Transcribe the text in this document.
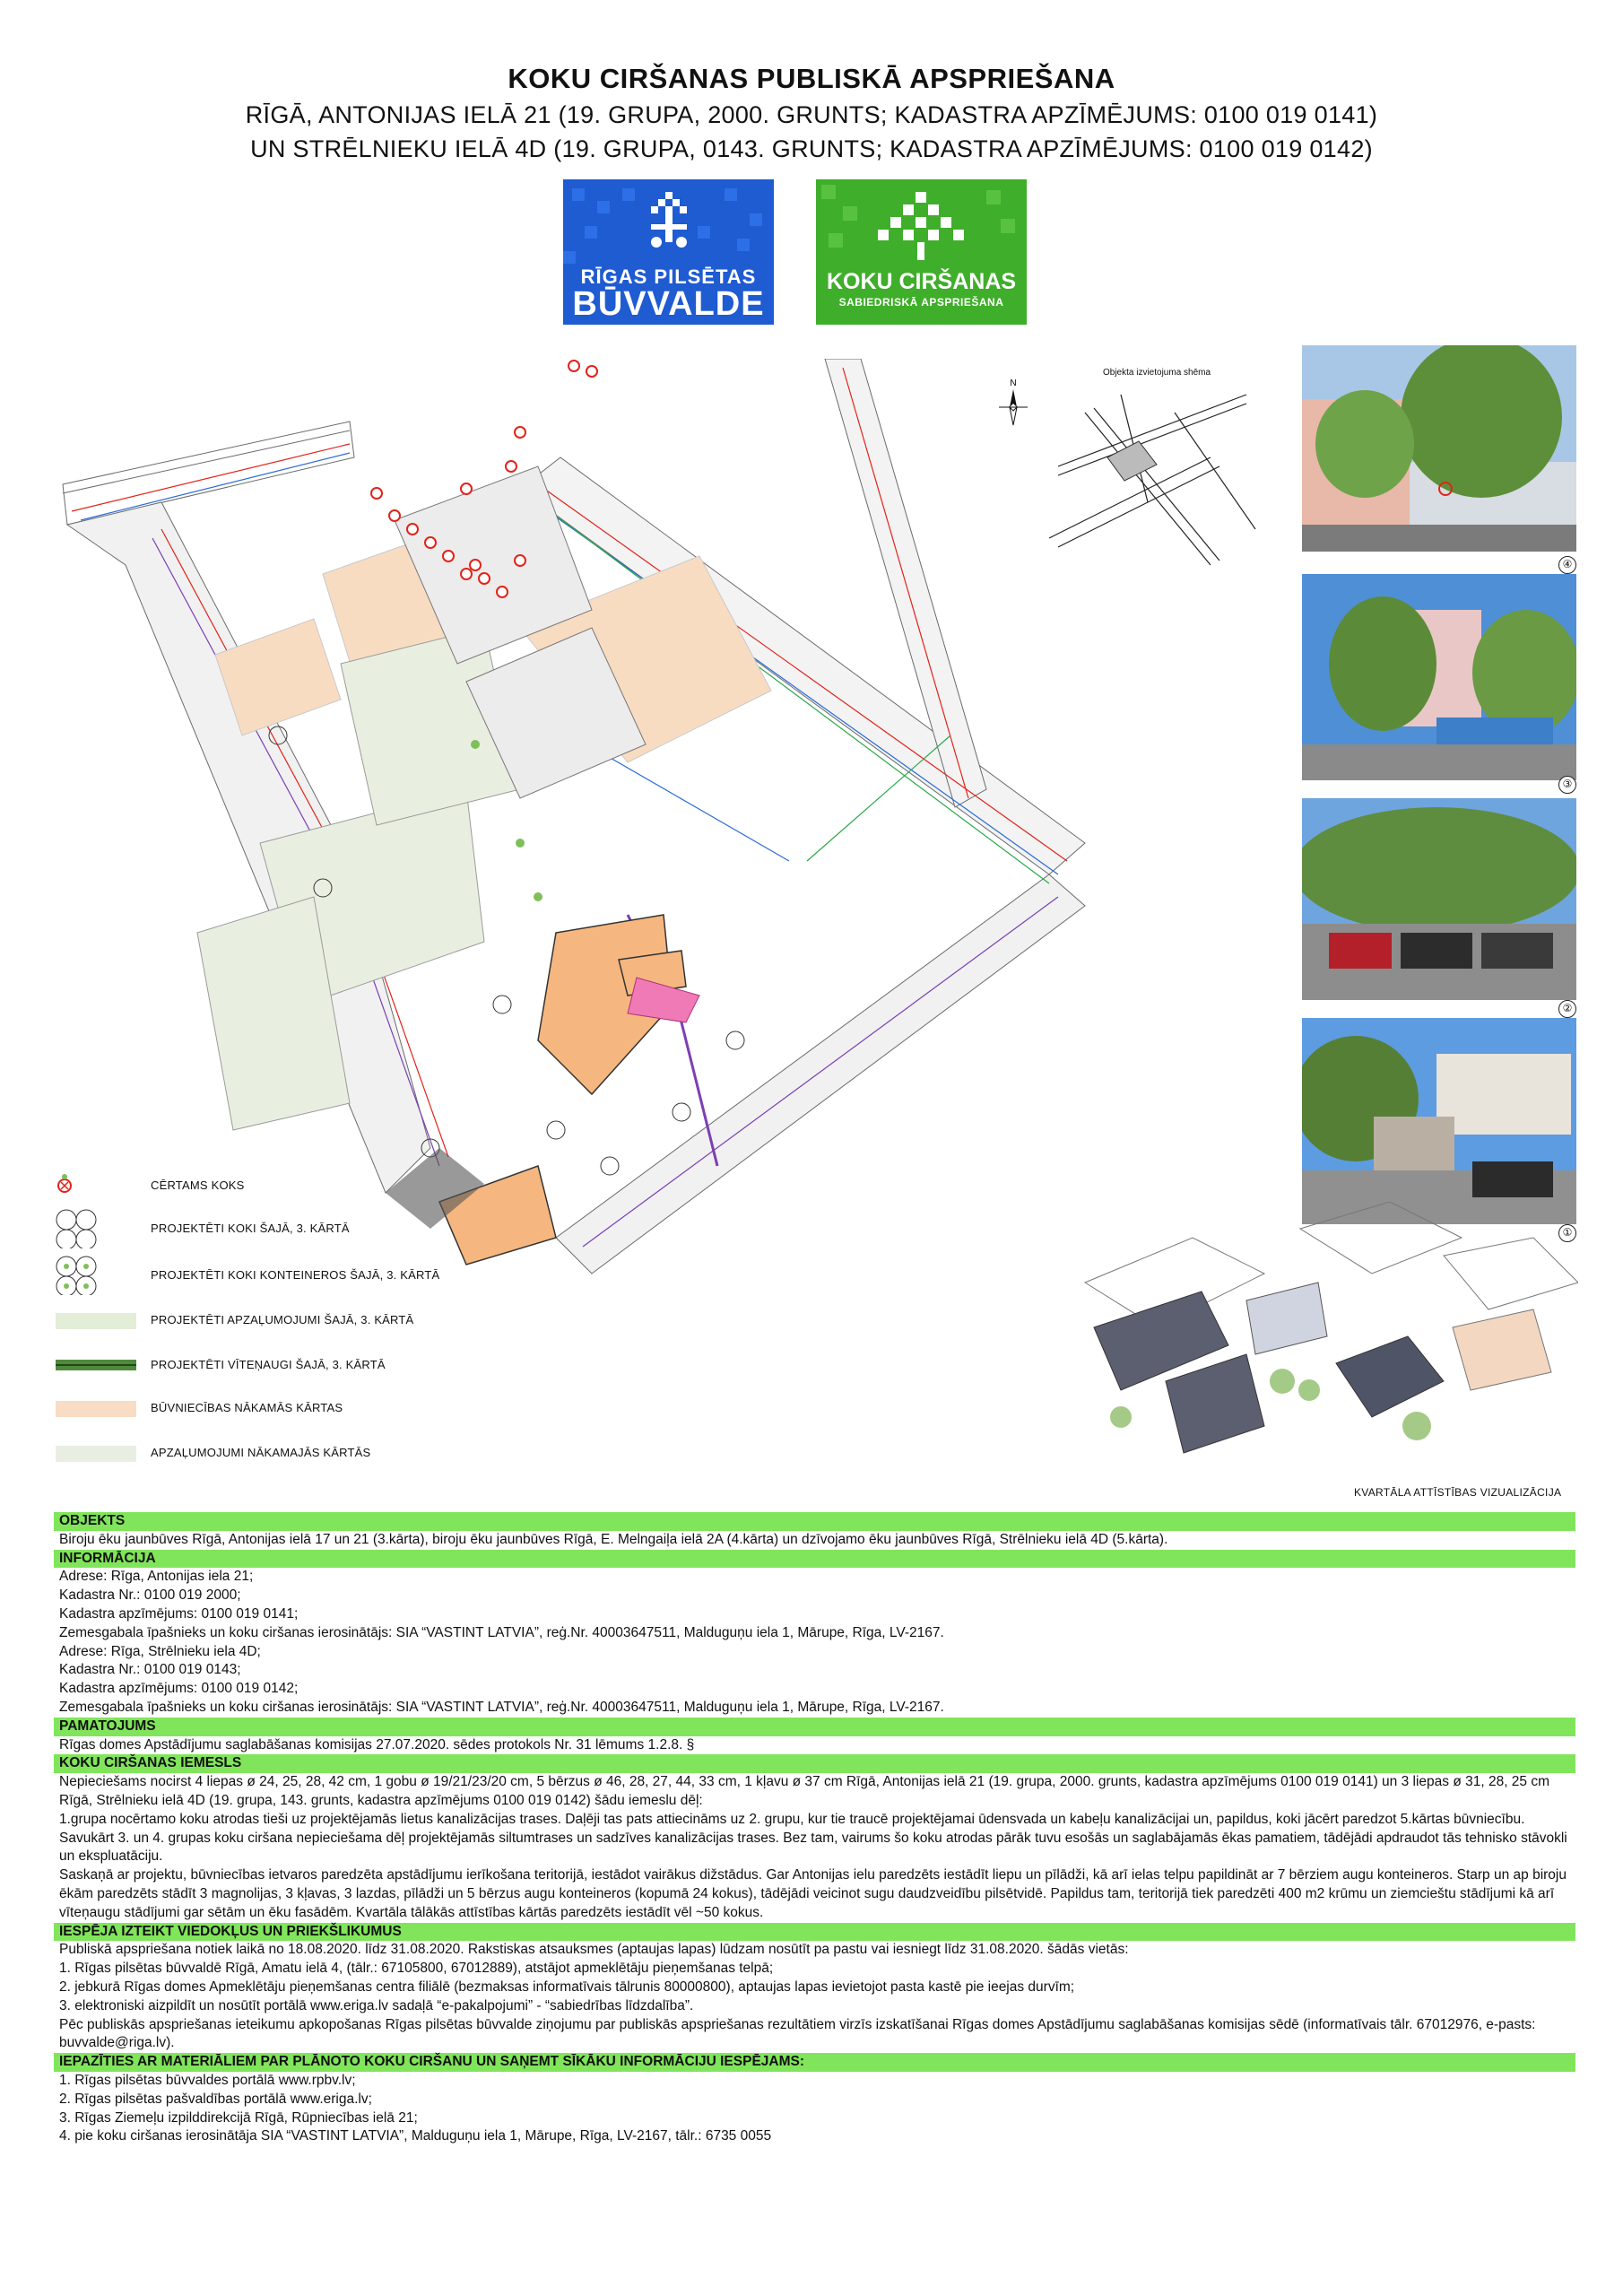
KOKU CIRŠANAS PUBLISKĀ APSPRIEŠANA
RĪGĀ, ANTONIJAS IELĀ 21 (19. GRUPA, 2000. GRUNTS; KADASTRA APZĪMĒJUMS: 0100 019 0141)
UN STRĒLNIEKU IELĀ 4D (19. GRUPA, 0143. GRUNTS; KADASTRA APZĪMĒJUMS: 0100 019 0142)
RĪGAS PILSĒTAS
BŪVVALDE
KOKU CIRŠANAS
SABIEDRISKĀ APSPRIEŠANA
N
Objekta izvietojuma shēma
④
③
②
①
KVARTĀLA ATTĪSTĪBAS VIZUALIZĀCIJA
CĒRTAMS KOKS
PROJEKTĒTI KOKI ŠAJĀ, 3. KĀRTĀ
PROJEKTĒTI KOKI KONTEINEROS ŠAJĀ, 3. KĀRTĀ
PROJEKTĒTI APZAĻUMOJUMI ŠAJĀ, 3. KĀRTĀ
PROJEKTĒTI VĪTEŅAUGI ŠAJĀ, 3. KĀRTĀ
BŪVNIECĪBAS NĀKAMĀS KĀRTAS
APZAĻUMOJUMI NĀKAMAJĀS KĀRTĀS
OBJEKTS

Biroju ēku jaunbūves Rīgā, Antonijas ielā 17 un 21 (3.kārta), biroju ēku jaunbūves Rīgā, E. Melngaiļa ielā 2A (4.kārta) un dzīvojamo ēku jaunbūves Rīgā, Strēlnieku ielā 4D (5.kārta).

INFORMĀCIJA

Adrese: Rīga, Antonijas iela 21;

Kadastra Nr.: 0100 019 2000;

Kadastra apzīmējums: 0100 019 0141;

Zemesgabala īpašnieks un koku ciršanas ierosinātājs: SIA “VASTINT LATVIA”, reģ.Nr. 40003647511, Malduguņu iela 1, Mārupe, Rīga, LV-2167.

Adrese: Rīga, Strēlnieku iela 4D;

Kadastra Nr.: 0100 019 0143;

Kadastra apzīmējums: 0100 019 0142;

Zemesgabala īpašnieks un koku ciršanas ierosinātājs: SIA “VASTINT LATVIA”, reģ.Nr. 40003647511, Malduguņu iela 1, Mārupe, Rīga, LV-2167.

PAMATOJUMS

Rīgas domes Apstādījumu saglabāšanas komisijas 27.07.2020. sēdes protokols Nr. 31 lēmums 1.2.8. §

KOKU CIRŠANAS IEMESLS

Nepieciešams nocirst 4 liepas ø 24, 25, 28, 42 cm, 1 gobu ø 19/21/23/20 cm, 5 bērzus ø 46, 28, 27, 44, 33 cm, 1 kļavu ø 37 cm Rīgā, Antonijas ielā 21 (19. grupa, 2000. grunts, kadastra apzīmējums 0100 019 0141) un 3 liepas ø 31, 28, 25 cm Rīgā, Strēlnieku ielā 4D (19. grupa, 143. grunts, kadastra apzīmējums 0100 019 0142) šādu iemeslu dēļ:

1.grupa nocērtamo koku atrodas tieši uz projektējamās lietus kanalizācijas trases. Daļēji tas pats attiecināms uz 2. grupu, kur tie traucē projektējamai ūdensvada un kabeļu kanalizācijai un, papildus, koki jācērt paredzot 5.kārtas būvniecību. Savukārt 3. un 4. grupas koku ciršana nepieciešama dēļ projektējamās siltumtrases un sadzīves kanalizācijas trases. Bez tam, vairums šo koku atrodas pārāk tuvu esošās un saglabājamās ēkas pamatiem, tādējādi apdraudot tās tehnisko stāvokli un ekspluatāciju.

Saskaņā ar projektu, būvniecības ietvaros paredzēta apstādījumu ierīkošana teritorijā, iestādot vairākus dižstādus. Gar Antonijas ielu paredzēts iestādīt liepu un pīlādži, kā arī ielas telpu papildināt ar 7 bērziem augu konteineros. Starp un ap biroju ēkām paredzēts stādīt 3 magnolijas, 3 kļavas, 3 lazdas, pīlādži un 5 bērzus augu konteineros (kopumā 24 kokus), tādējādi veicinot sugu daudzveidību pilsētvidē. Papildus tam, teritorijā tiek paredzēti 400 m2 krūmu un ziemcieštu stādījumi kā arī vīteņaugu stādījumi gar sētām un ēku fasādēm. Kvartāla tālākās attīstības kārtās paredzēts iestādīt vēl ~50 kokus.

IESPĒJA IZTEIKT VIEDOKĻUS UN PRIEKŠLIKUMUS

Publiskā apspriešana notiek laikā no 18.08.2020. līdz 31.08.2020. Rakstiskas atsauksmes (aptaujas lapas) lūdzam nosūtīt pa pastu vai iesniegt līdz 31.08.2020. šādās vietās:

1. Rīgas pilsētas būvvaldē Rīgā, Amatu ielā 4, (tālr.: 67105800, 67012889), atstājot apmeklētāju pieņemšanas telpā;

2. jebkurā Rīgas domes Apmeklētāju pieņemšanas centra filiālē (bezmaksas informatīvais tālrunis 80000800), aptaujas lapas ievietojot pasta kastē pie ieejas durvīm;

3. elektroniski aizpildīt un nosūtīt portālā www.eriga.lv sadaļā “e-pakalpojumi” - “sabiedrības līdzdalība”.

Pēc publiskās apspriešanas ieteikumu apkopošanas Rīgas pilsētas būvvalde ziņojumu par publiskās apspriešanas rezultātiem virzīs izskatīšanai Rīgas domes Apstādījumu saglabāšanas komisijas sēdē (informatīvais tālr. 67012976, e-pasts: buvvalde@riga.lv).

IEPAZĪTIES AR MATERIĀLIEM PAR PLĀNOTO KOKU CIRŠANU UN SAŅEMT SĪKĀKU INFORMĀCIJU IESPĒJAMS:

1. Rīgas pilsētas būvvaldes portālā www.rpbv.lv;

2. Rīgas pilsētas pašvaldības portālā www.eriga.lv;

3. Rīgas Ziemeļu izpilddirekcijā Rīgā, Rūpniecības ielā 21;

4. pie koku ciršanas ierosinātāja SIA “VASTINT LATVIA”, Malduguņu iela 1, Mārupe, Rīga, LV-2167, tālr.: 6735 0055
